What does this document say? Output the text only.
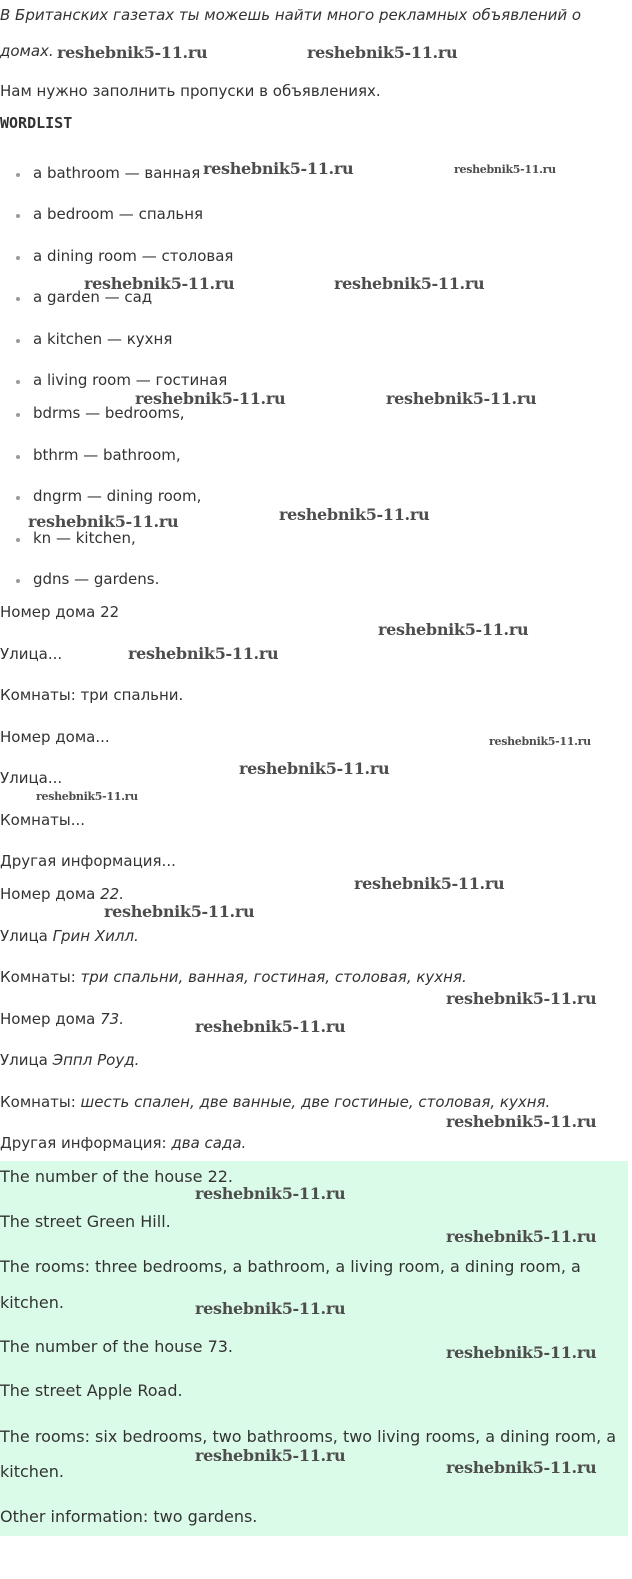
В Британских газетах ты можешь найти много рекламных объявлений о
домах.
Нам нужно заполнить пропуски в объявлениях.
WORDLIST
a bathroom — ванная
a bedroom — спальня
a dining room — столовая
a garden — сад
a kitchen — кухня
a living room — гостиная
bdrms — bedrooms,
bthrm — bathroom,
dngrm — dining room,
kn — kitchen,
gdns — gardens.
Номер дома 22
Улица...
Комнаты: три спальни.
Номер дома...
Улица...
Комнаты...
Другая информация...
Номер дома 22.
Улица Грин Хилл.
Комнаты: три спальни, ванная, гостиная, столовая, кухня.
Номер дома 73.
Улица Эппл Роуд.
Комнаты: шесть спален, две ванные, две гостиные, столовая, кухня.
Другая информация: два сада.
The number of the house 22.
The street Green Hill.
The rooms: three bedrooms, a bathroom, a living room, a dining room, a
kitchen.
The number of the house 73.
The street Apple Road.
The rooms: six bedrooms, two bathrooms, two living rooms, a dining room, a
kitchen.
Other information: two gardens.
reshebnik5-11.ru	reshebnik5-11.ru
reshebnik5-11.ru	reshebnik5-11.ru
reshebnik5-11.ru	reshebnik5-11.ru
reshebnik5-11.ru	reshebnik5-11.ru
reshebnik5-11.ru	reshebnik5-11.ru
reshebnik5-11.ru
reshebnik5-11.ru
reshebnik5-11.ru
reshebnik5-11.ru
reshebnik5-11.ru
reshebnik5-11.ru
reshebnik5-11.ru
reshebnik5-11.ru
reshebnik5-11.ru
reshebnik5-11.ru
reshebnik5-11.ru
reshebnik5-11.ru
reshebnik5-11.ru
reshebnik5-11.ru
reshebnik5-11.ru
reshebnik5-11.ru
